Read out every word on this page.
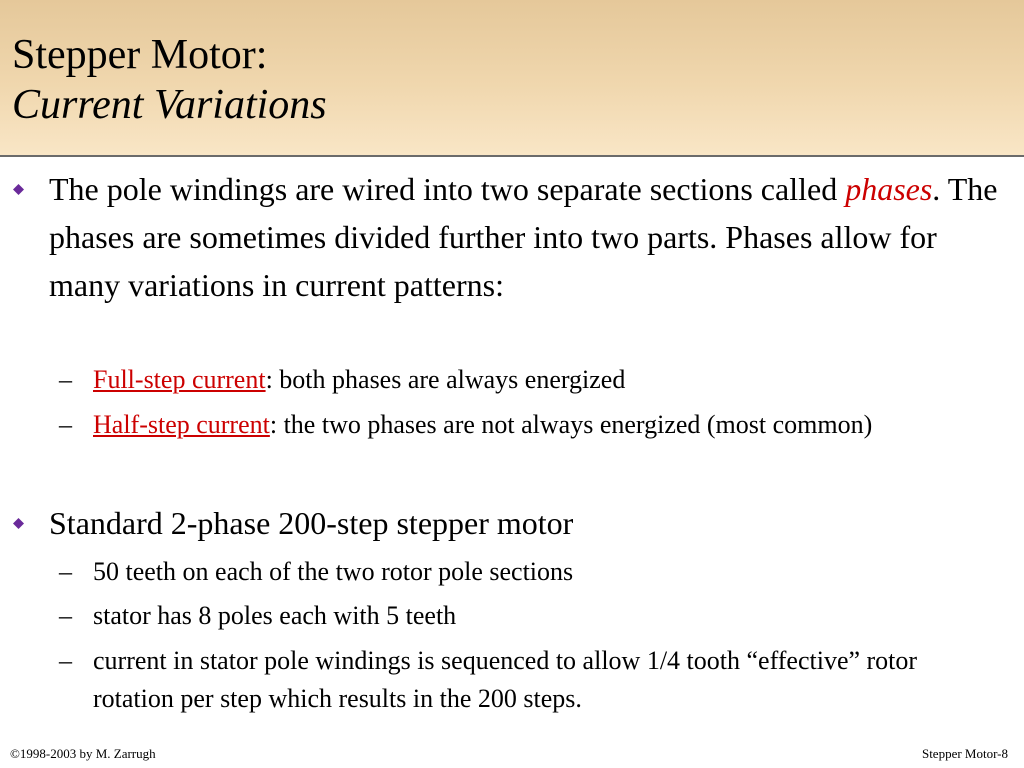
Stepper Motor:
Current Variations

The pole windings are wired into two separate sections called phases. The phases are sometimes divided further into two parts. Phases allow for many variations in current patterns:

– Full-step current: both phases are always energized

– Half-step current: the two phases are not always energized (most common)

Standard 2-phase 200-step stepper motor

– 50 teeth on each of the two rotor pole sections

– stator has 8 poles each with 5 teeth

– current in stator pole windings is sequenced to allow 1/4 tooth “effective” rotor rotation per step which results in the 200 steps.

©1998-2003 by M. Zarrugh	Stepper Motor-8
